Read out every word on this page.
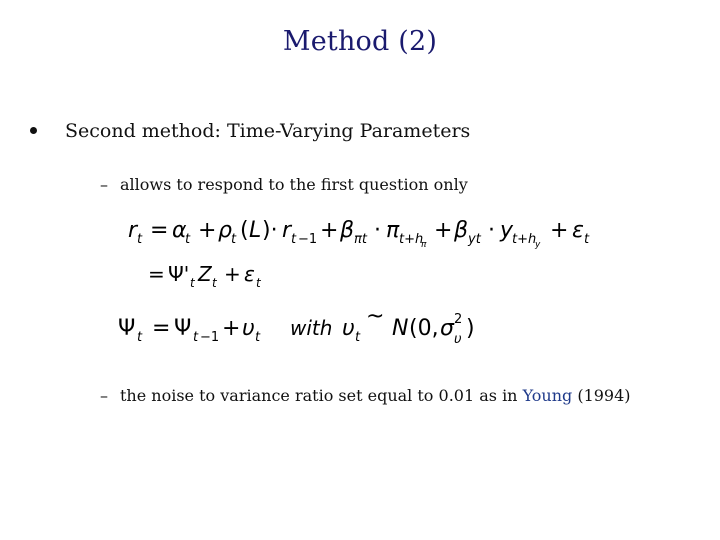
Method (2)
Second method: Time-Varying Parameters
– allows to respond to the first question only
r t = α
t + ρ t ( L )· r t −1 + β πt · π t+h
π
+ β yt · y
t+h
y
+ ε t
= Ψ' t Z t + ε t
Ψ t = Ψ t −1 + υ t with υ t
~ N (0, σ 2
υ )
– the noise to variance ratio set equal to 0.01 as in Young (1994)
